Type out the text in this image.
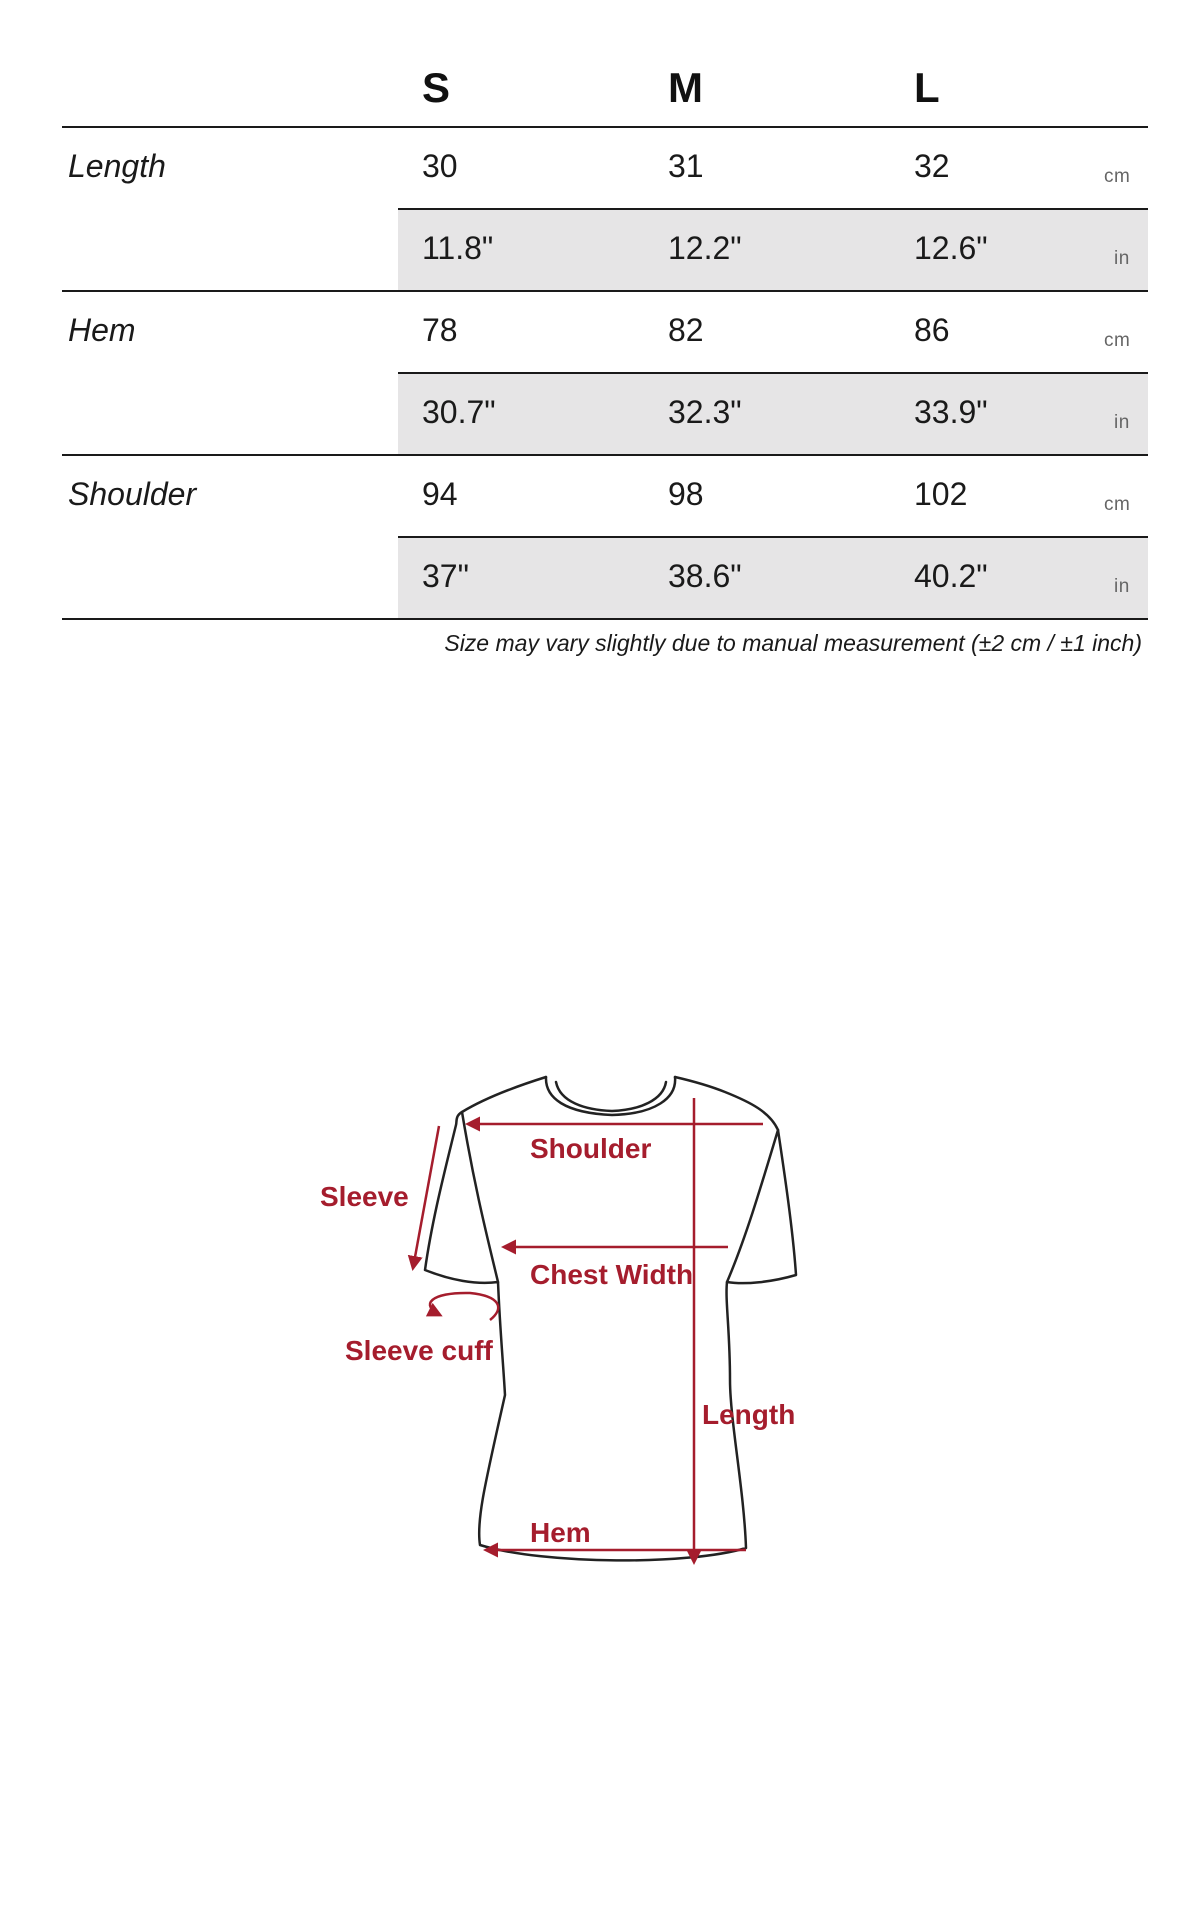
S	M	L
Length	30	31	32	cm
11.8"	12.2"	12.6"	in
Hem	78	82	86	cm
30.7"	32.3"	33.9"	in
Shoulder	94	98	102	cm
37"	38.6"	40.2"	in
Size may vary slightly due to manual measurement (±2 cm / ±1 inch)
Shoulder
Sleeve
Chest Width
Sleeve cuff
Length
Hem
